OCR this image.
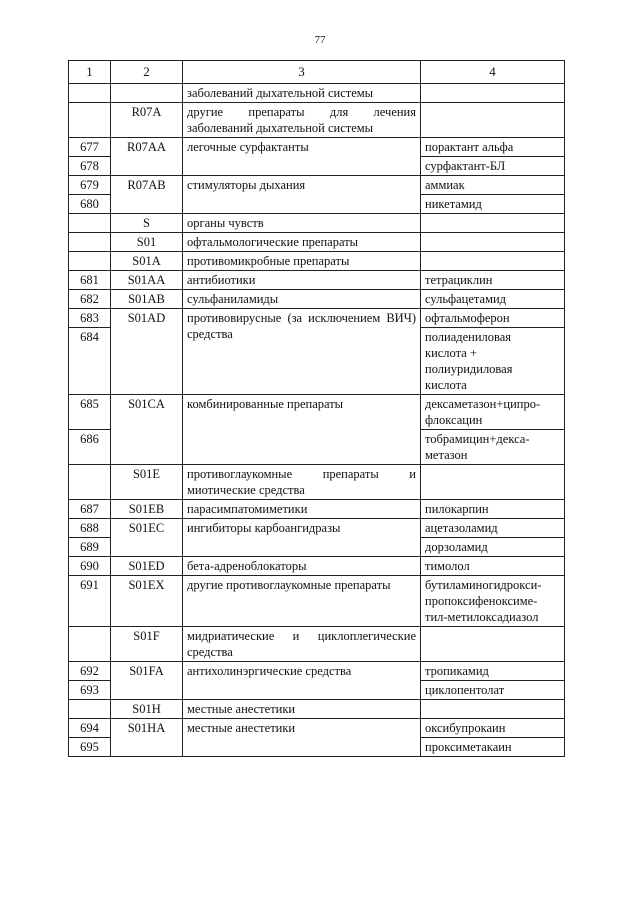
77
1	2	3	4
		заболеваний дыхательной системы	
	R07A	другие препараты для лечения заболеваний дыхательной системы	
677	R07AA	легочные сурфактанты	порактант альфа
678			сурфактант-БЛ
679	R07AB	стимуляторы дыхания	аммиак
680			никетамид
	S	органы чувств	
	S01	офтальмологические препараты	
	S01A	противомикробные препараты	
681	S01AA	антибиотики	тетрациклин
682	S01AB	сульфаниламиды	сульфацетамид
683	S01AD	противовирусные (за исключением ВИЧ) средства	офтальмоферон
684			полиадениловая
кислота +
полиуридиловая
кислота

685	S01CA	комбинированные препараты	дексаметазон+ципро-
флоксацин

686			тобрамицин+декса-
метазон

	S01E	противоглаукомные препараты и миотические средства	
687	S01EB	парасимпатомиметики	пилокарпин
688	S01EC	ингибиторы карбоангидразы	ацетазоламид
689			дорзоламид
690	S01ED	бета-адреноблокаторы	тимолол
691	S01EX	другие противоглаукомные препараты	бутиламиногидрокси-
пропоксифеноксиме-
тил-метилоксадиазол

	S01F	мидриатические и циклоплегические средства	
692	S01FA	антихолинэргические средства	тропикамид
693			циклопентолат
	S01H	местные анестетики	
694	S01HA	местные анестетики	оксибупрокаин
695			проксиметакаин
